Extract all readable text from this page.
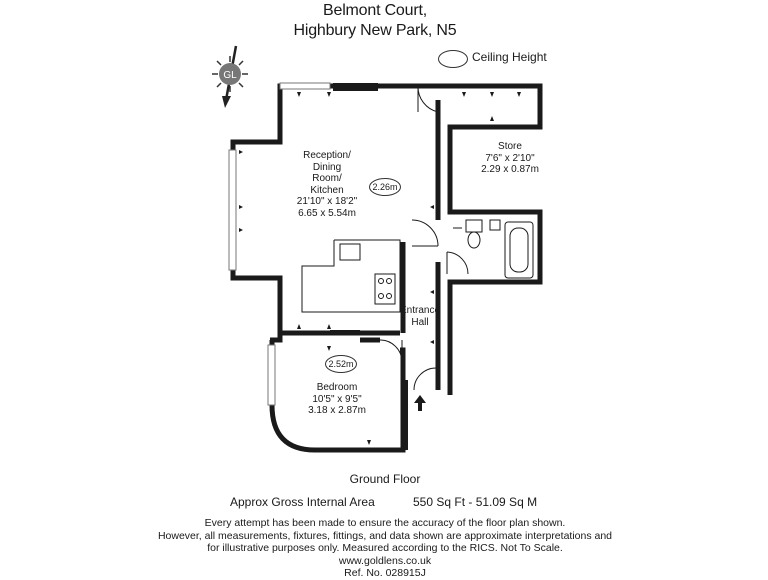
Belmont Court,
Highbury New Park, N5
Ceiling Height
GL
Reception/
Dining
Room/
Kitchen
21'10" x 18'2"
6.65 x 5.54m
2.26m
Store
7'6" x 2'10"
2.29 x 0.87m
Entrance
Hall
2.52m
Bedroom
10'5" x 9'5"
3.18 x 2.87m
Ground Floor
Approx Gross Internal Area	550 Sq Ft - 51.09 Sq M
Every attempt has been made to ensure the accuracy of the floor plan shown.
However, all measurements, fixtures, fittings, and data shown are approximate interpretations and
for illustrative purposes only. Measured according to the RICS. Not To Scale.
www.goldlens.co.uk
Ref. No. 028915J
